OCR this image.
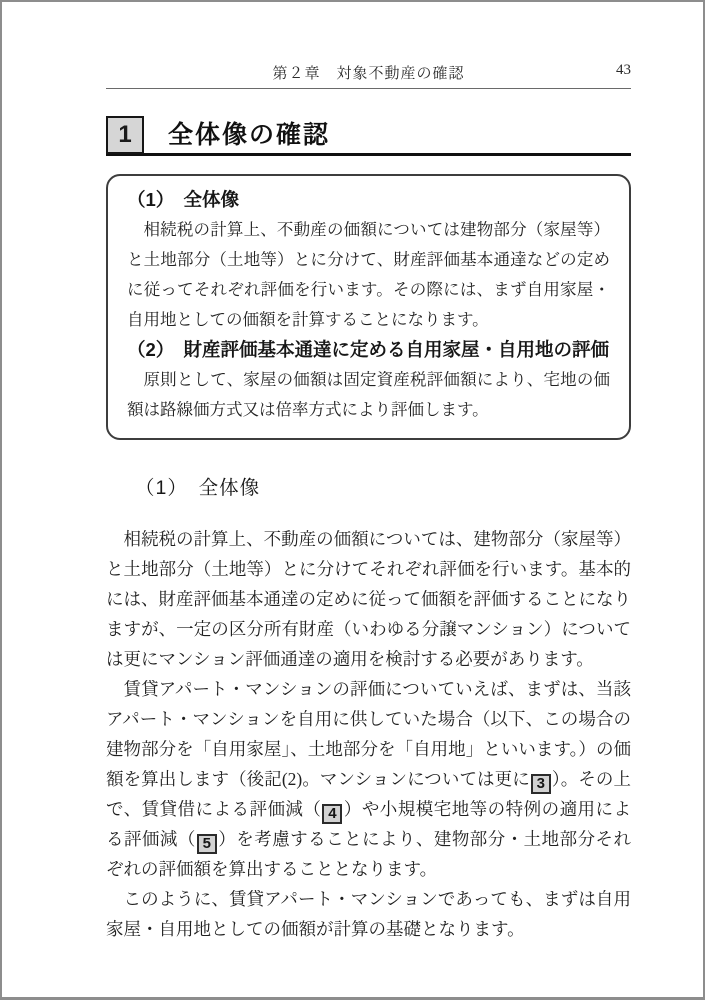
第２章　対象不動産の確認	43
1 全体像の確認
（1）　全体像

相続税の計算上、不動産の価額については建物部分（家屋等）と土地部分（土地等）とに分けて、財産評価基本通達などの定めに従ってそれぞれ評価を行います。その際には、まず自用家屋・自用地としての価額を計算することになります。

（2）　財産評価基本通達に定める自用家屋・自用地の評価

原則として、家屋の価額は固定資産税評価額により、宅地の価額は路線価方式又は倍率方式により評価します。

（1）　全体像

相続税の計算上、不動産の価額については、建物部分（家屋等）と土地部分（土地等）とに分けてそれぞれ評価を行います。基本的には、財産評価基本通達の定めに従って価額を評価することになりますが、一定の区分所有財産（いわゆる分譲マンション）については更にマンション評価通達の適用を検討する必要があります。

賃貸アパート・マンションの評価についていえば、まずは、当該アパート・マンションを自用に供していた場合（以下、この場合の建物部分を「自用家屋」、土地部分を「自用地」といいます。）の価額を算出します（後記(2)。マンションについては更に 3 ）。その上で、賃貸借による評価減（ 4 ）や小規模宅地等の特例の適用による評価減（ 5 ）を考慮することにより、建物部分・土地部分それぞれの評価額を算出することとなります。

このように、賃貸アパート・マンションであっても、まずは自用家屋・自用地としての価額が計算の基礎となります。
